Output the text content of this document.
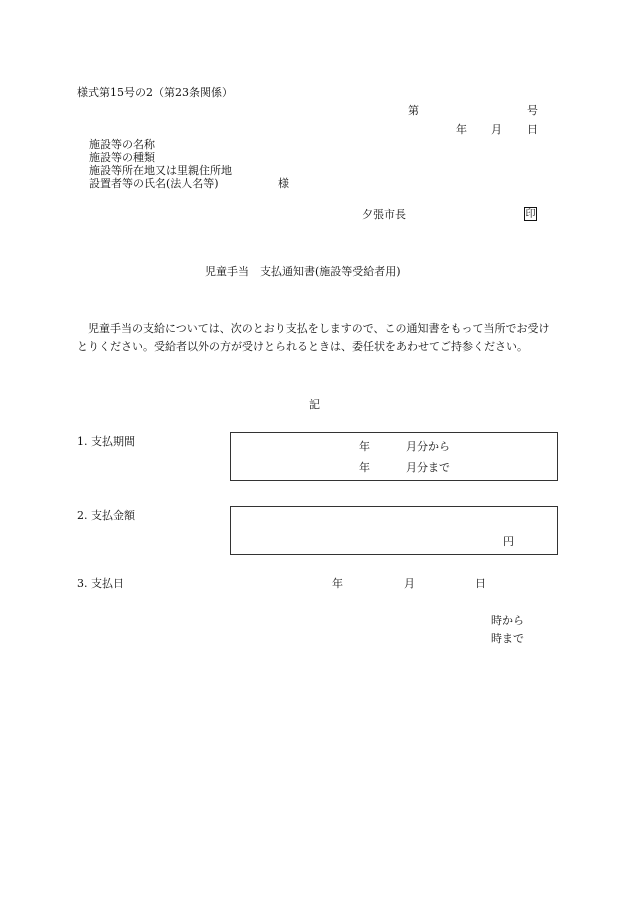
様式第15号の2（第23条関係）

第	号

年 月 日

施設等の名称

施設等の種類

施設等所在地又は里親住所地

設置者等の氏名(法人名等)	様

夕張市長	印

児童手当　支払通知書(施設等受給者用)

児童手当の支給については、次のとおり支払をしますので、この通知書をもって当所でお受けとりください。受給者以外の方が受けとられるときは、委任状をあわせてご持参ください。

記

1. 支払期間	年	月分から

年	月分まで

2. 支払金額

円

3. 支払日	年	月	日

時から

時まで
